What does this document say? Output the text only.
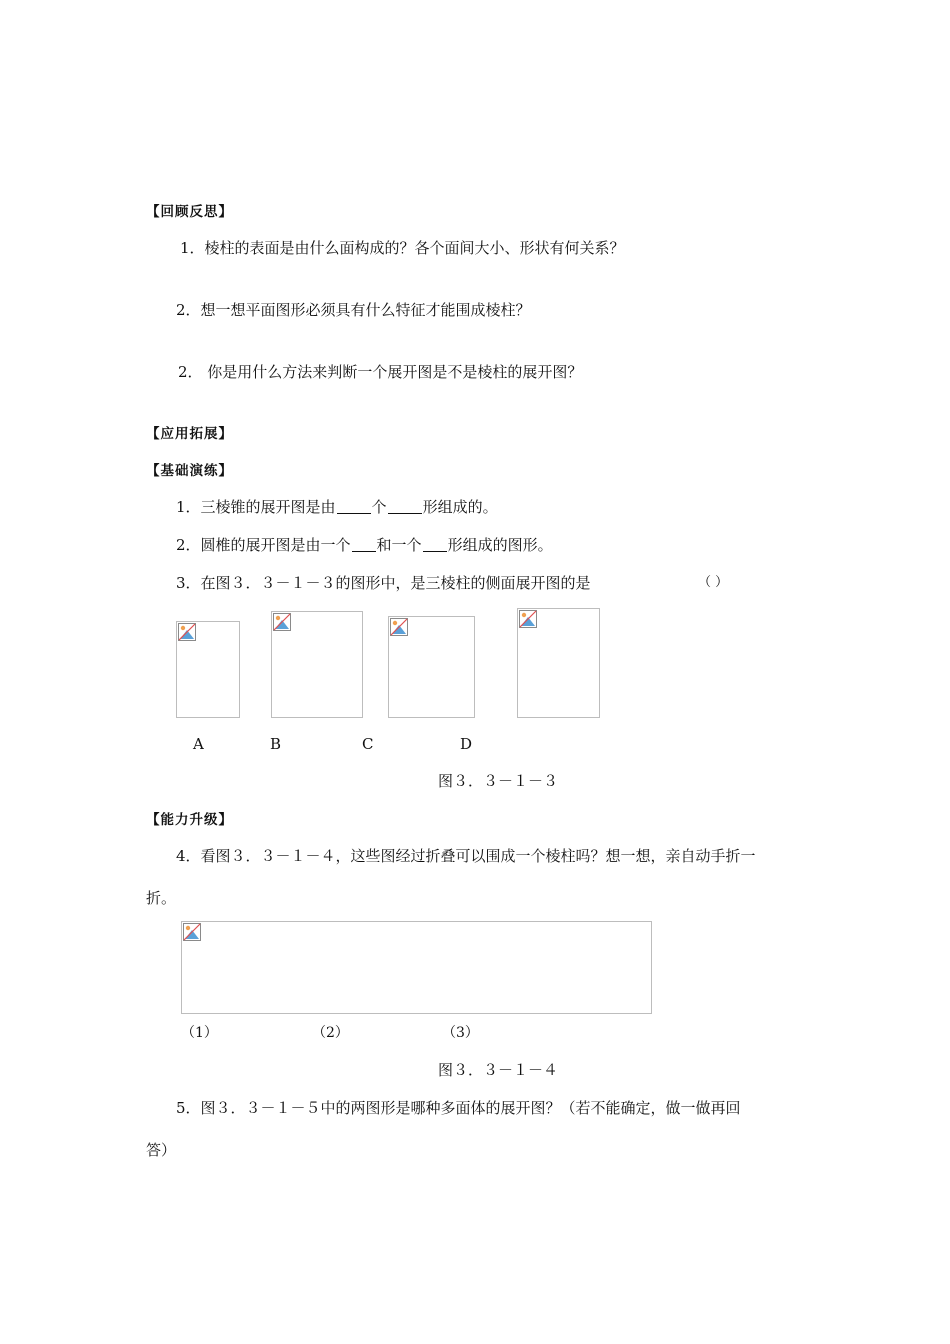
【回顾反思】
1．棱柱的表面是由什么面构成的？各个面间大小、形状有何关系？
2．想一想平面图形必须具有什么特征才能围成棱柱？
2． 你是用什么方法来判断一个展开图是不是棱柱的展开图？
【应用拓展】
【基础演练】
1．三棱锥的展开图是由 个 形组成的。
2．圆椎的展开图是由一个 和一个 形组成的图形。
3．在图３．３－１－３的图形中，是三棱柱的侧面展开图的是	（ ）
A	B	C	D
图３．３－１－３
【能力升级】
4．看图３．３－１－４，这些图经过折叠可以围成一个棱柱吗？想一想，亲自动手折一
折。
（1）	（2）	（3）
图３．３－１－４
5．图３．３－１－５中的两图形是哪种多面体的展开图？（若不能确定，做一做再回
答）
